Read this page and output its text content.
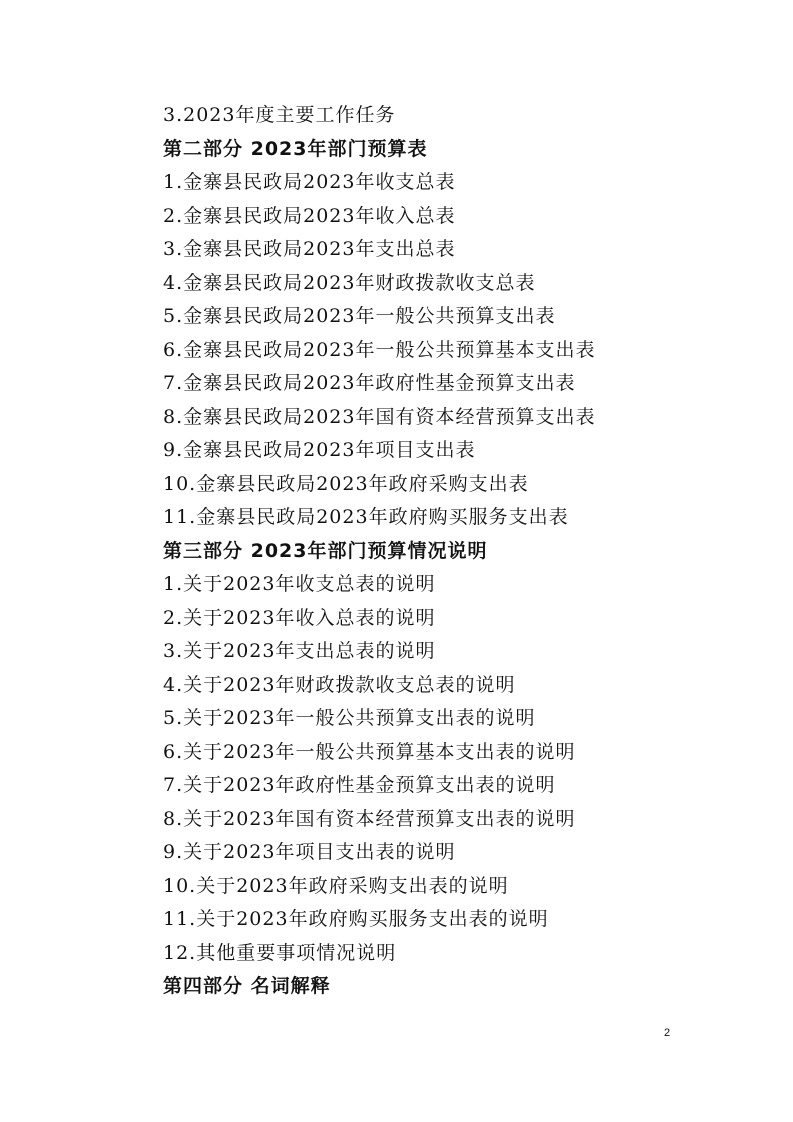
3.2023年度主要工作任务
第二部分 2023年部门预算表
1.金寨县民政局2023年收支总表
2.金寨县民政局2023年收入总表
3.金寨县民政局2023年支出总表
4.金寨县民政局2023年财政拨款收支总表
5.金寨县民政局2023年一般公共预算支出表
6.金寨县民政局2023年一般公共预算基本支出表
7.金寨县民政局2023年政府性基金预算支出表
8.金寨县民政局2023年国有资本经营预算支出表
9.金寨县民政局2023年项目支出表
10.金寨县民政局2023年政府采购支出表
11.金寨县民政局2023年政府购买服务支出表
第三部分 2023年部门预算情况说明
1.关于2023年收支总表的说明
2.关于2023年收入总表的说明
3.关于2023年支出总表的说明
4.关于2023年财政拨款收支总表的说明
5.关于2023年一般公共预算支出表的说明
6.关于2023年一般公共预算基本支出表的说明
7.关于2023年政府性基金预算支出表的说明
8.关于2023年国有资本经营预算支出表的说明
9.关于2023年项目支出表的说明
10.关于2023年政府采购支出表的说明
11.关于2023年政府购买服务支出表的说明
12.其他重要事项情况说明
第四部分 名词解释
2
